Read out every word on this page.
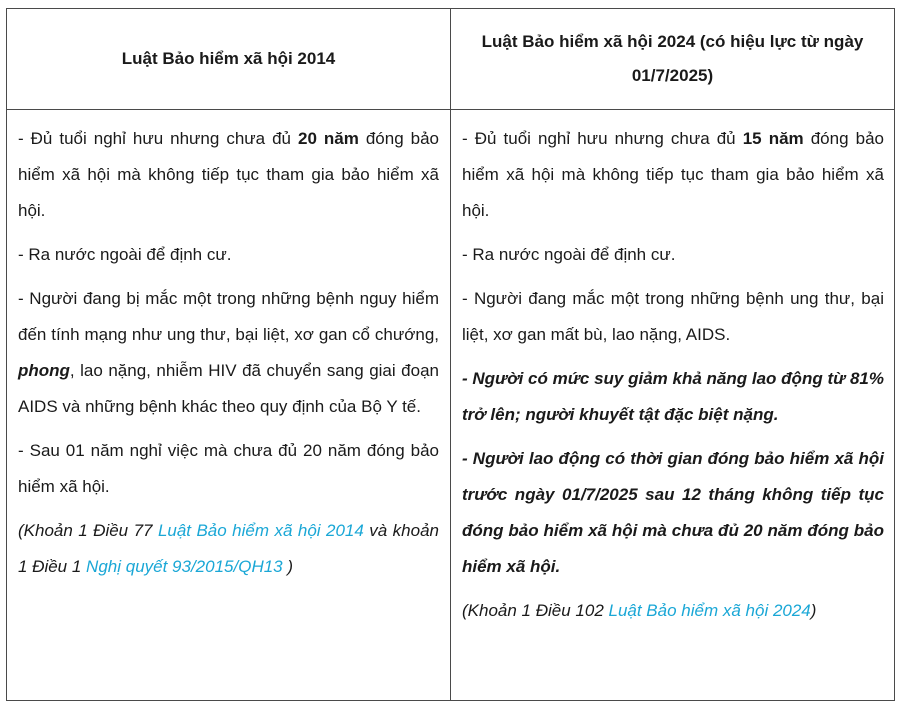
Luật Bảo hiểm xã hội 2014
Luật Bảo hiểm xã hội 2024 (có hiệu lực từ ngày 01/7/2025)

- Đủ tuổi nghỉ hưu nhưng chưa đủ 20 năm đóng bảo hiểm xã hội mà không tiếp tục tham gia bảo hiểm xã hội.

- Ra nước ngoài để định cư.

- Người đang bị mắc một trong những bệnh nguy hiểm đến tính mạng như ung thư, bại liệt, xơ gan cổ chướng, phong, lao nặng, nhiễm HIV đã chuyển sang giai đoạn AIDS và những bệnh khác theo quy định của Bộ Y tế.

- Sau 01 năm nghỉ việc mà chưa đủ 20 năm đóng bảo hiểm xã hội.

(Khoản 1 Điều 77 Luật Bảo hiểm xã hội 2014 và khoản 1 Điều 1 Nghị quyết 93/2015/QH13 )

- Đủ tuổi nghỉ hưu nhưng chưa đủ 15 năm đóng bảo hiểm xã hội mà không tiếp tục tham gia bảo hiểm xã hội.

- Ra nước ngoài để định cư.

- Người đang mắc một trong những bệnh ung thư, bại liệt, xơ gan mất bù, lao nặng, AIDS.

- Người có mức suy giảm khả năng lao động từ 81% trở lên; người khuyết tật đặc biệt nặng.

- Người lao động có thời gian đóng bảo hiểm xã hội trước ngày 01/7/2025 sau 12 tháng không tiếp tục đóng bảo hiểm xã hội mà chưa đủ 20 năm đóng bảo hiểm xã hội.

(Khoản 1 Điều 102 Luật Bảo hiểm xã hội 2024)
